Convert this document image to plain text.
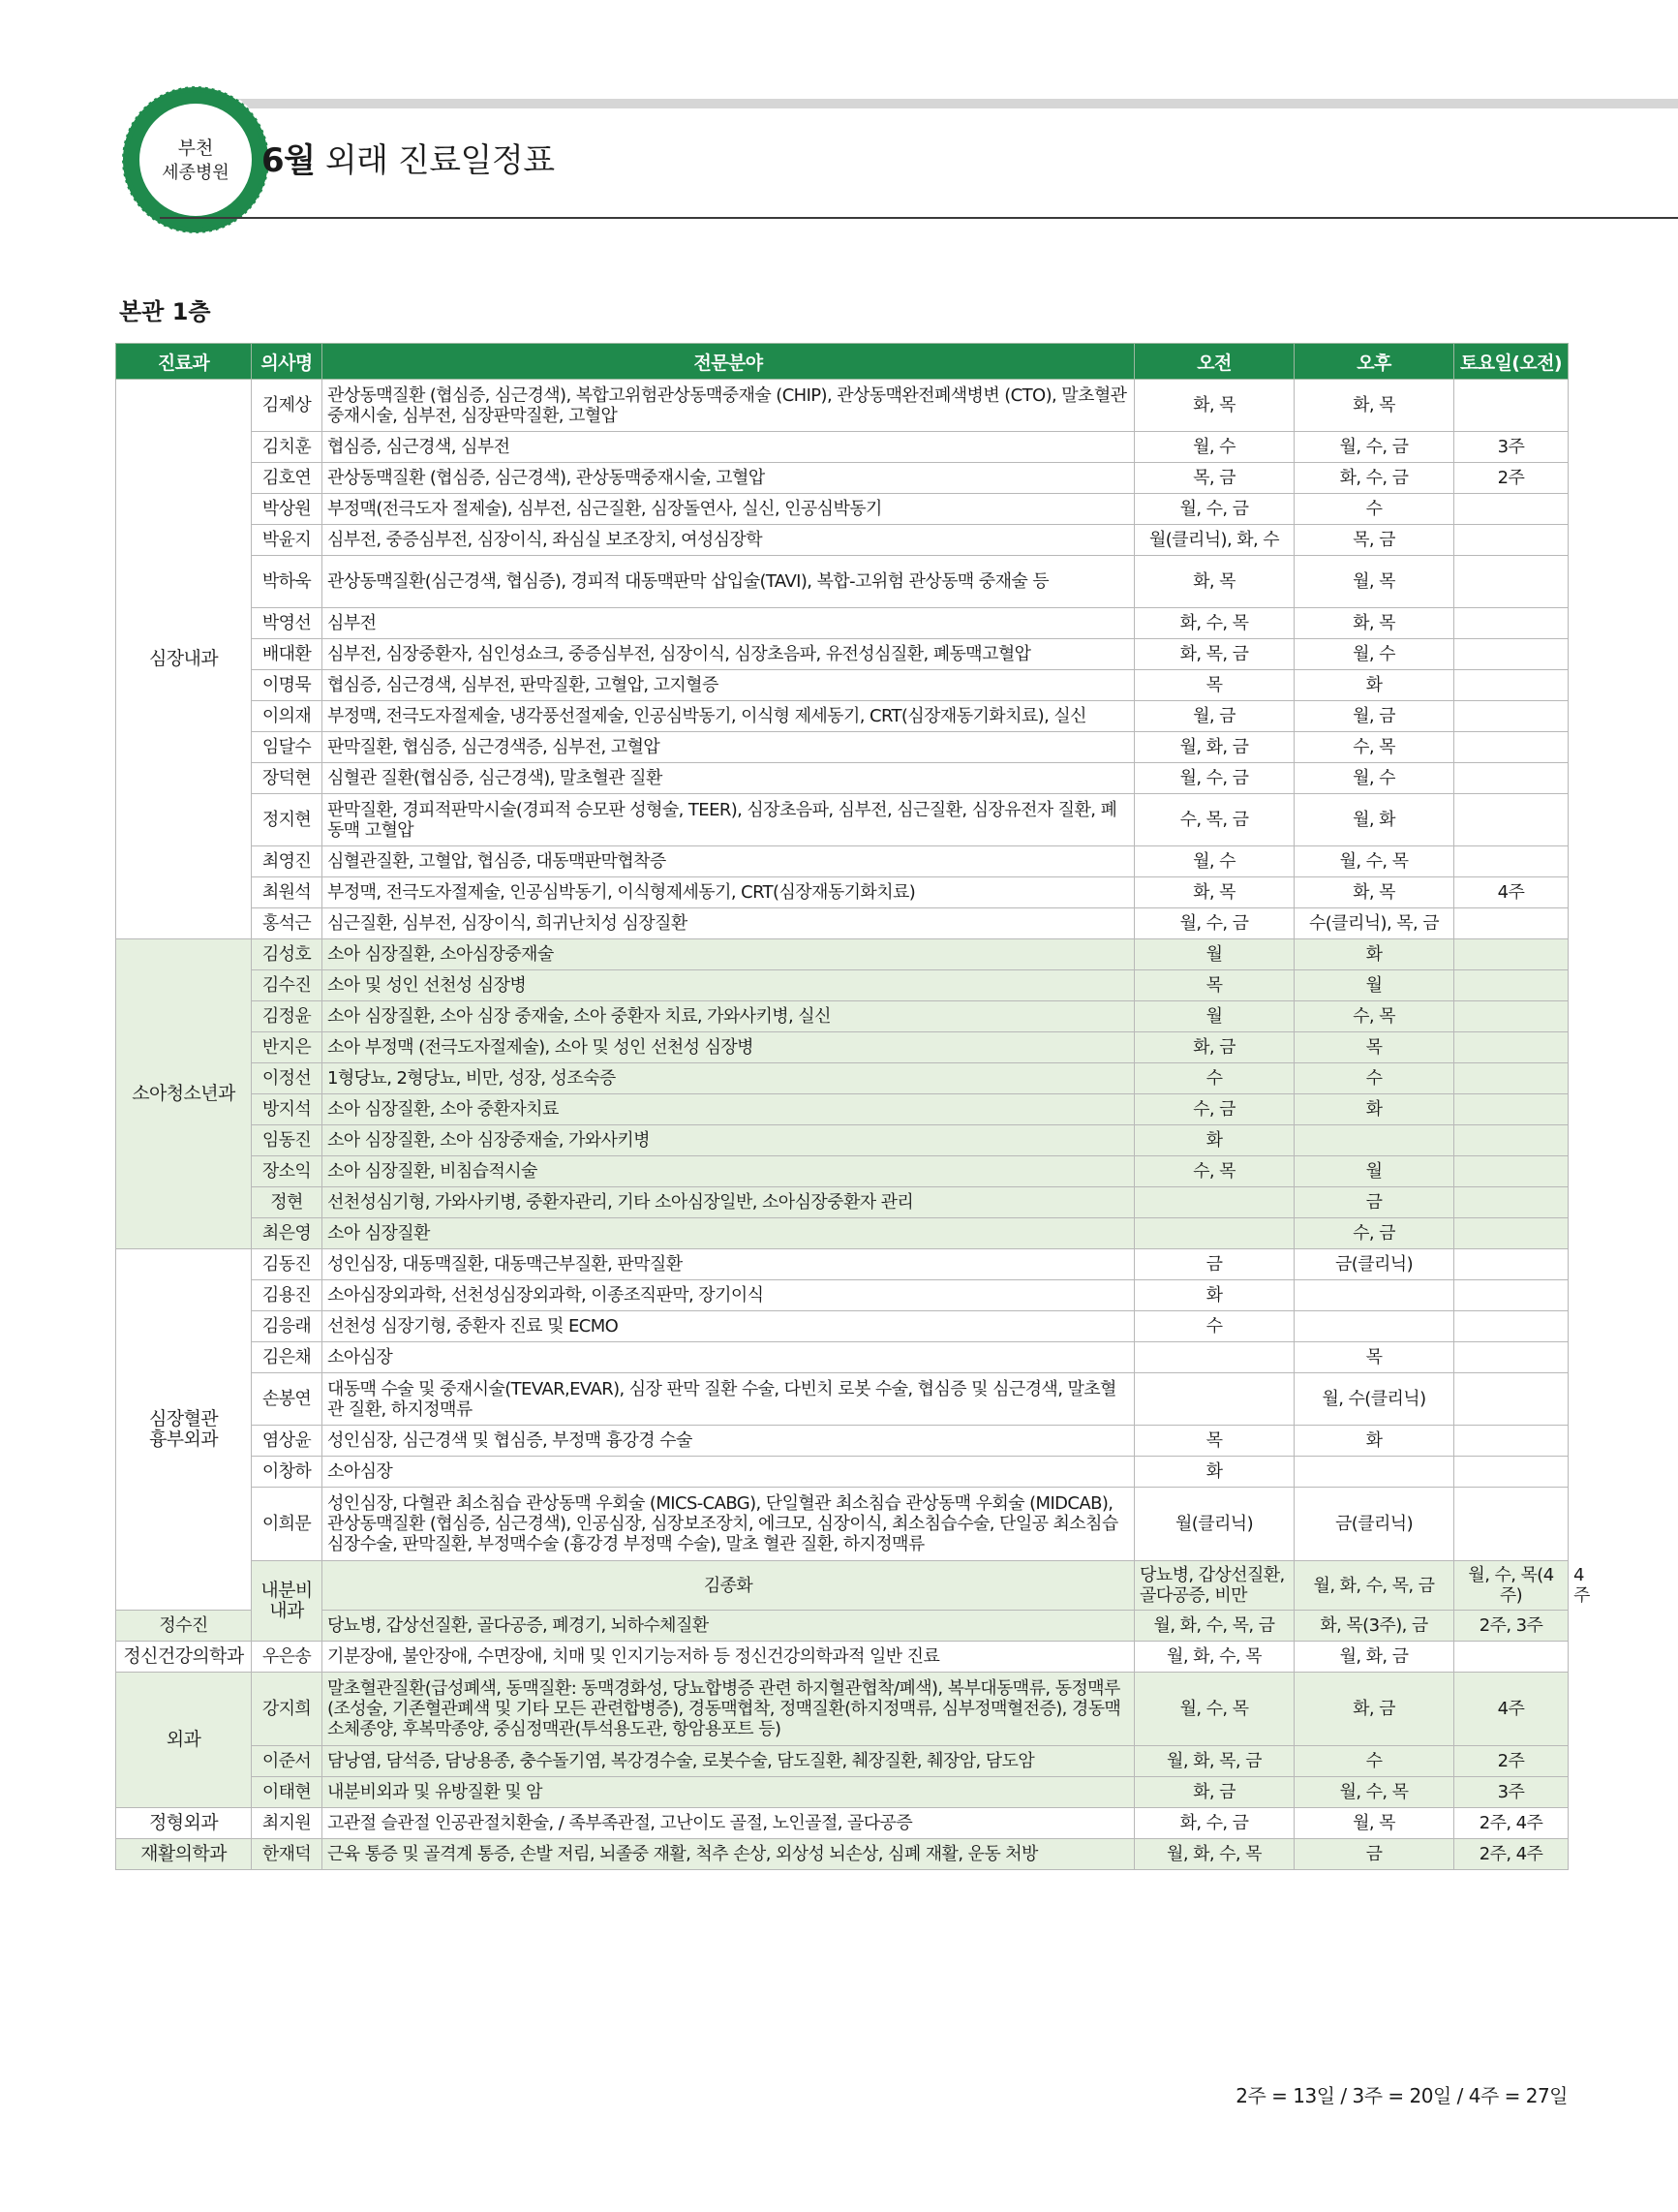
부천
세종병원 6월 외래 진료일정표
본관 1층
진료과	의사명	전문분야	오전	오후	토요일(오전)	
심장내과	김제상	관상동맥질환 (협심증, 심근경색), 복합고위험관상동맥중재술 (CHIP), 관상동맥완전폐색병변 (CTO), 말초혈관중재시술, 심부전, 심장판막질환, 고혈압	화, 목	화, 목		
	김치훈	협심증, 심근경색, 심부전	월, 수	월, 수, 금	3주	
	김호연	관상동맥질환 (협심증, 심근경색), 관상동맥중재시술, 고혈압	목, 금	화, 수, 금	2주	
	박상원	부정맥(전극도자 절제술), 심부전, 심근질환, 심장돌연사, 실신, 인공심박동기	월, 수, 금	수		
	박윤지	심부전, 중증심부전, 심장이식, 좌심실 보조장치, 여성심장학	월(클리닉), 화, 수	목, 금		
	박하욱	관상동맥질환(심근경색, 협심증), 경피적 대동맥판막 삽입술(TAVI), 복합-고위험 관상동맥 중재술 등	화, 목	월, 목		
	박영선	심부전	화, 수, 목	화, 목		
	배대환	심부전, 심장중환자, 심인성쇼크, 중증심부전, 심장이식, 심장초음파, 유전성심질환, 폐동맥고혈압	화, 목, 금	월, 수		
	이명묵	협심증, 심근경색, 심부전, 판막질환, 고혈압, 고지혈증	목	화		
	이의재	부정맥, 전극도자절제술, 냉각풍선절제술, 인공심박동기, 이식형 제세동기, CRT(심장재동기화치료), 실신	월, 금	월, 금		
	임달수	판막질환, 협심증, 심근경색증, 심부전, 고혈압	월, 화, 금	수, 목		
	장덕현	심혈관 질환(협심증, 심근경색), 말초혈관 질환	월, 수, 금	월, 수		
	정지현	판막질환, 경피적판막시술(경피적 승모판 성형술, TEER), 심장초음파, 심부전, 심근질환, 심장유전자 질환, 폐동맥 고혈압	수, 목, 금	월, 화		
	최영진	심혈관질환, 고혈압, 협심증, 대동맥판막협착증	월, 수	월, 수, 목		
	최원석	부정맥, 전극도자절제술, 인공심박동기, 이식형제세동기, CRT(심장재동기화치료)	화, 목	화, 목	4주	
	홍석근	심근질환, 심부전, 심장이식, 희귀난치성 심장질환	월, 수, 금	수(클리닉), 목, 금		
소아청소년과	김성호	소아 심장질환, 소아심장중재술	월	화		
	김수진	소아 및 성인 선천성 심장병	목	월		
	김정윤	소아 심장질환, 소아 심장 중재술, 소아 중환자 치료, 가와사키병, 실신	월	수, 목		
	반지은	소아 부정맥 (전극도자절제술), 소아 및 성인 선천성 심장병	화, 금	목		
	이정선	1형당뇨, 2형당뇨, 비만, 성장, 성조숙증	수	수		
	방지석	소아 심장질환, 소아 중환자치료	수, 금	화		
	임동진	소아 심장질환, 소아 심장중재술, 가와사키병	화			
	장소익	소아 심장질환, 비침습적시술	수, 목	월		
	정현	선천성심기형, 가와사키병, 중환자관리, 기타 소아심장일반, 소아심장중환자 관리		금		
	최은영	소아 심장질환		수, 금		
심장혈관
흉부외과	김동진	성인심장, 대동맥질환, 대동맥근부질환, 판막질환	금	금(클리닉)		
	김용진	소아심장외과학, 선천성심장외과학, 이종조직판막, 장기이식	화			
	김응래	선천성 심장기형, 중환자 진료 및 ECMO	수			
	김은채	소아심장		목		
	손봉연	대동맥 수술 및 중재시술(TEVAR,EVAR), 심장 판막 질환 수술, 다빈치 로봇 수술, 협심증 및 심근경색, 말초혈관 질환, 하지정맥류		월, 수(클리닉)		
	염상윤	성인심장, 심근경색 및 협심증, 부정맥 흉강경 수술	목	화		
	이창하	소아심장	화			
	이희문	성인심장, 다혈관 최소침습 관상동맥 우회술 (MICS-CABG), 단일혈관 최소침습 관상동맥 우회술 (MIDCAB), 관상동맥질환 (협심증, 심근경색), 인공심장, 심장보조장치, 에크모, 심장이식, 최소침습수술, 단일공 최소침습 심장수술, 판막질환, 부정맥수술 (흉강경 부정맥 수술), 말초 혈관 질환, 하지정맥류	월(클리닉)	금(클리닉)		
	내분비내과	김종화	당뇨병, 갑상선질환, 골다공증, 비만	월, 화, 수, 목, 금	월, 수, 목(4주)	4주
정수진		당뇨병, 갑상선질환, 골다공증, 폐경기, 뇌하수체질환	월, 화, 수, 목, 금	화, 목(3주), 금	2주, 3주	
정신건강의학과	우은송	기분장애, 불안장애, 수면장애, 치매 및 인지기능저하 등 정신건강의학과적 일반 진료	월, 화, 수, 목	월, 화, 금		
외과	강지희	말초혈관질환(급성폐색, 동맥질환: 동맥경화성, 당뇨합병증 관련 하지혈관협착/폐색), 복부대동맥류, 동정맥루 (조성술, 기존혈관폐색 및 기타 모든 관련합병증), 경동맥협착, 정맥질환(하지정맥류, 심부정맥혈전증), 경동맥소체종양, 후복막종양, 중심정맥관(투석용도관, 항암용포트 등)	월, 수, 목	화, 금	4주	
	이준서	담낭염, 담석증, 담낭용종, 충수돌기염, 복강경수술, 로봇수술, 담도질환, 췌장질환, 췌장암, 담도암	월, 화, 목, 금	수	2주	
	이태현	내분비외과 및 유방질환 및 암	화, 금	월, 수, 목	3주	
정형외과	최지원	고관절 슬관절 인공관절치환술, / 족부족관절, 고난이도 골절, 노인골절, 골다공증	화, 수, 금	월, 목	2주, 4주	
재활의학과	한재덕	근육 통증 및 골격계 통증, 손발 저림, 뇌졸중 재활, 척추 손상, 외상성 뇌손상, 심폐 재활, 운동 처방	월, 화, 수, 목	금	2주, 4주	
2주 = 13일 / 3주 = 20일 / 4주 = 27일
